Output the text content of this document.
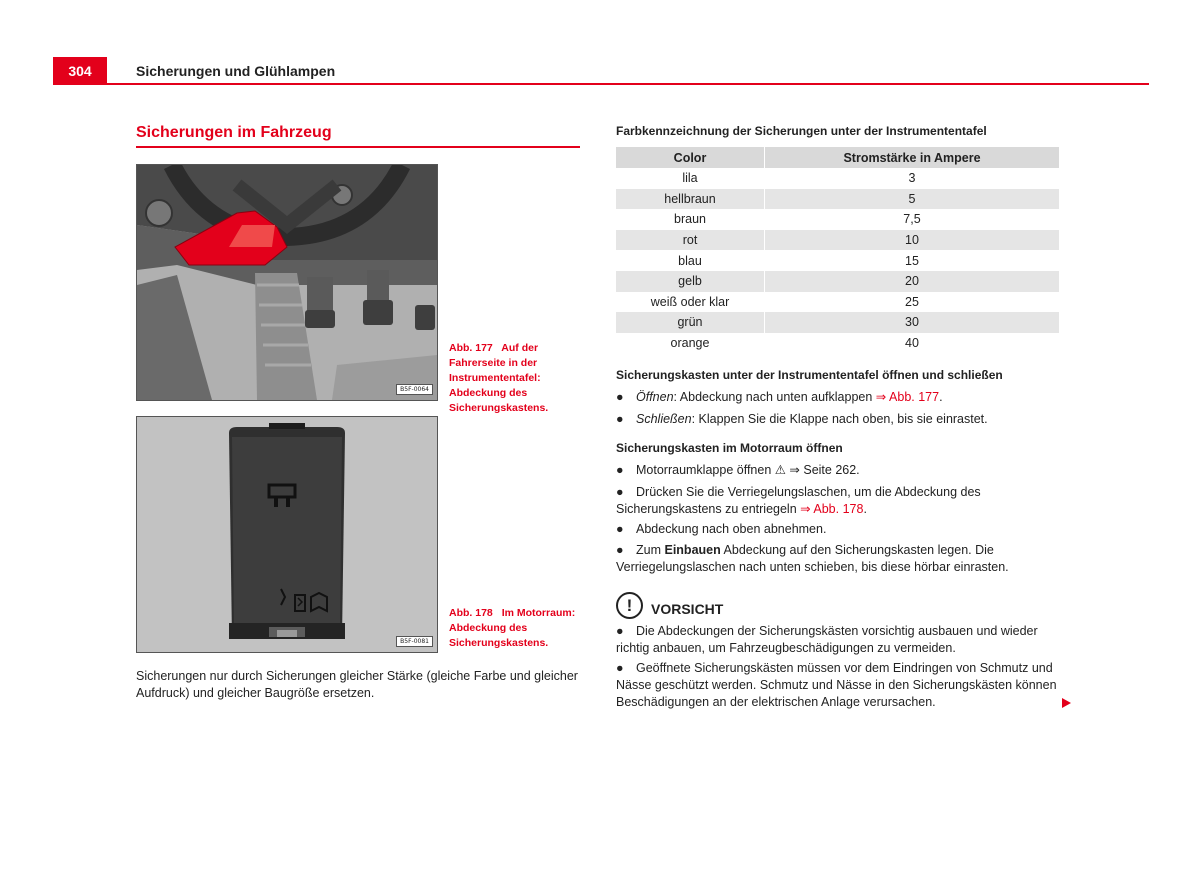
304	Sicherungen und Glühlampen
Sicherungen im Fahrzeug
B5F-0064
Abb. 177 Auf der Fahrerseite in der Instrumententafel: Abdeckung des Sicherungskastens.
B5F-0081
Abb. 178 Im Motorraum: Abdeckung des Sicherungskastens.
Sicherungen nur durch Sicherungen gleicher Stärke (gleiche Farbe und gleicher Aufdruck) und gleicher Baugröße ersetzen.
Farbkennzeichnung der Sicherungen unter der Instrumententafel
Color	Stromstärke in Ampere
lila	3
hellbraun	5
braun	7,5
rot	10
blau	15
gelb	20
weiß oder klar	25
grün	30
orange	40
Sicherungskasten unter der Instrumententafel öffnen und schließen
● Öffnen: Abdeckung nach unten aufklappen ⇒ Abb. 177.
● Schließen: Klappen Sie die Klappe nach oben, bis sie einrastet.
Sicherungskasten im Motorraum öffnen
● Motorraumklappe öffnen ⚠ ⇒ Seite 262.
● Drücken Sie die Verriegelungslaschen, um die Abdeckung des Sicherungskastens zu entriegeln ⇒ Abb. 178.
● Abdeckung nach oben abnehmen.
● Zum Einbauen Abdeckung auf den Sicherungskasten legen. Die Verriegelungslaschen nach unten schieben, bis diese hörbar einrasten.
!	VORSICHT
● Die Abdeckungen der Sicherungskästen vorsichtig ausbauen und wieder richtig anbauen, um Fahrzeugbeschädigungen zu vermeiden.
● Geöffnete Sicherungskästen müssen vor dem Eindringen von Schmutz und Nässe geschützt werden. Schmutz und Nässe in den Sicherungskästen können Beschädigungen an der elektrischen Anlage verursachen.
